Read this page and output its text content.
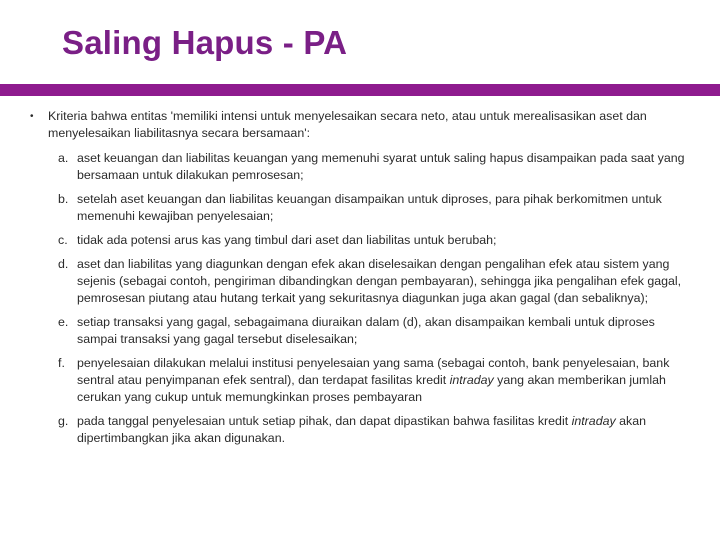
Saling Hapus - PA
•	Kriteria bahwa entitas 'memiliki intensi untuk menyelesaikan secara neto, atau untuk merealisasikan aset dan menyelesaikan liabilitasnya secara bersamaan':
a. aset keuangan dan liabilitas keuangan yang memenuhi syarat untuk saling hapus disampaikan pada saat yang bersamaan untuk dilakukan pemrosesan;
b. setelah aset keuangan dan liabilitas keuangan disampaikan untuk diproses, para pihak berkomitmen untuk memenuhi kewajiban penyelesaian;
c. tidak ada potensi arus kas yang timbul dari aset dan liabilitas untuk berubah;
d. aset dan liabilitas yang diagunkan dengan efek akan diselesaikan dengan pengalihan efek atau sistem yang sejenis (sebagai contoh, pengiriman dibandingkan dengan pembayaran), sehingga jika pengalihan efek gagal, pemrosesan piutang atau hutang terkait yang sekuritasnya diagunkan juga akan gagal (dan sebaliknya);
e. setiap transaksi yang gagal, sebagaimana diuraikan dalam (d), akan disampaikan kembali untuk diproses sampai transaksi yang gagal tersebut diselesaikan;
f. penyelesaian dilakukan melalui institusi penyelesaian yang sama (sebagai contoh, bank penyelesaian, bank sentral atau penyimpanan efek sentral), dan terdapat fasilitas kredit intraday yang akan memberikan jumlah cerukan yang cukup untuk memungkinkan proses pembayaran
g. pada tanggal penyelesaian untuk setiap pihak, dan dapat dipastikan bahwa fasilitas kredit intraday akan dipertimbangkan jika akan digunakan.
